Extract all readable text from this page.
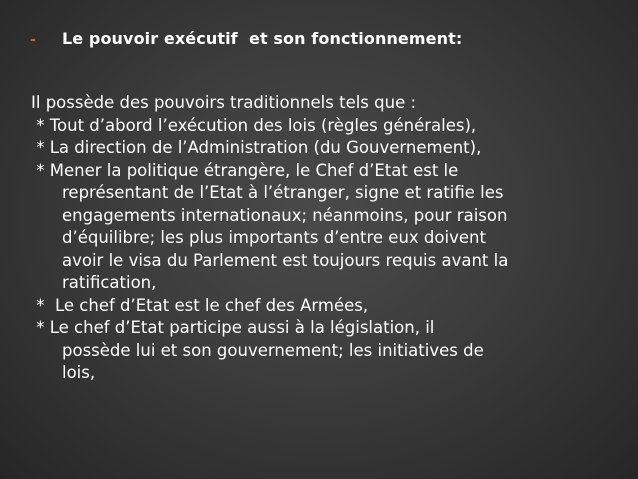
-	Le pouvoir exécutif  et son fonctionnement:

Il possède des pouvoirs traditionnels tels que :

* Tout d’abord l’exécution des lois (règles générales),
* La direction de l’Administration (du Gouvernement),
* Mener la politique étrangère, le Chef d’Etat est le
représentant de l’Etat à l’étranger, signe et ratifie les
engagements internationaux; néanmoins, pour raison
d’équilibre; les plus importants d’entre eux doivent
avoir le visa du Parlement est toujours requis avant la
ratification,
*  Le chef d’Etat est le chef des Armées,
* Le chef d’Etat participe aussi à la législation, il
possède lui et son gouvernement; les initiatives de
lois,
